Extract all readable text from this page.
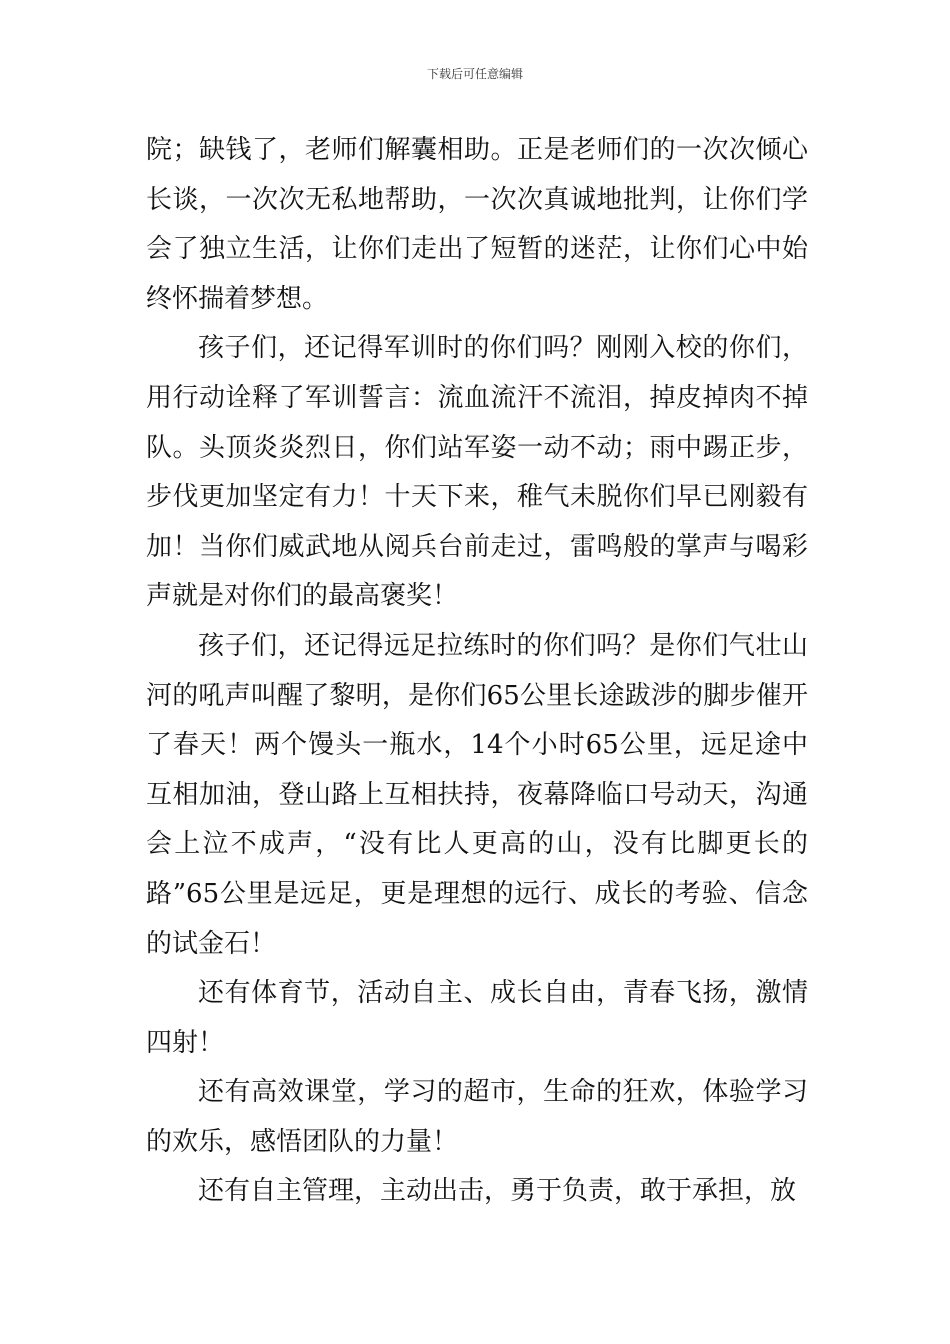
下载后可任意编辑

院；缺钱了，老师们解囊相助。正是老师们的一次次倾心长谈，一次次无私地帮助，一次次真诚地批判，让你们学会了独立生活，让你们走出了短暂的迷茫，让你们心中始终怀揣着梦想。

孩子们，还记得军训时的你们吗？刚刚入校的你们，用行动诠释了军训誓言：流血流汗不流泪，掉皮掉肉不掉队。头顶炎炎烈日，你们站军姿一动不动；雨中踢正步，步伐更加坚定有力！十天下来，稚气未脱你们早已刚毅有加！当你们威武地从阅兵台前走过，雷鸣般的掌声与喝彩声就是对你们的最高褒奖！

孩子们，还记得远足拉练时的你们吗？是你们气壮山河的吼声叫醒了黎明，是你们65公里长途跋涉的脚步催开了春天！两个馒头一瓶水，14个小时65公里，远足途中互相加油，登山路上互相扶持，夜幕降临口号动天，沟通会上泣不成声，“没有比人更高的山，没有比脚更长的路”65公里是远足，更是理想的远行、成长的考验、信念的试金石！

还有体育节，活动自主、成长自由，青春飞扬，激情四射！

还有高效课堂，学习的超市，生命的狂欢，体验学习的欢乐，感悟团队的力量！

还有自主管理，主动出击，勇于负责，敢于承担，放
